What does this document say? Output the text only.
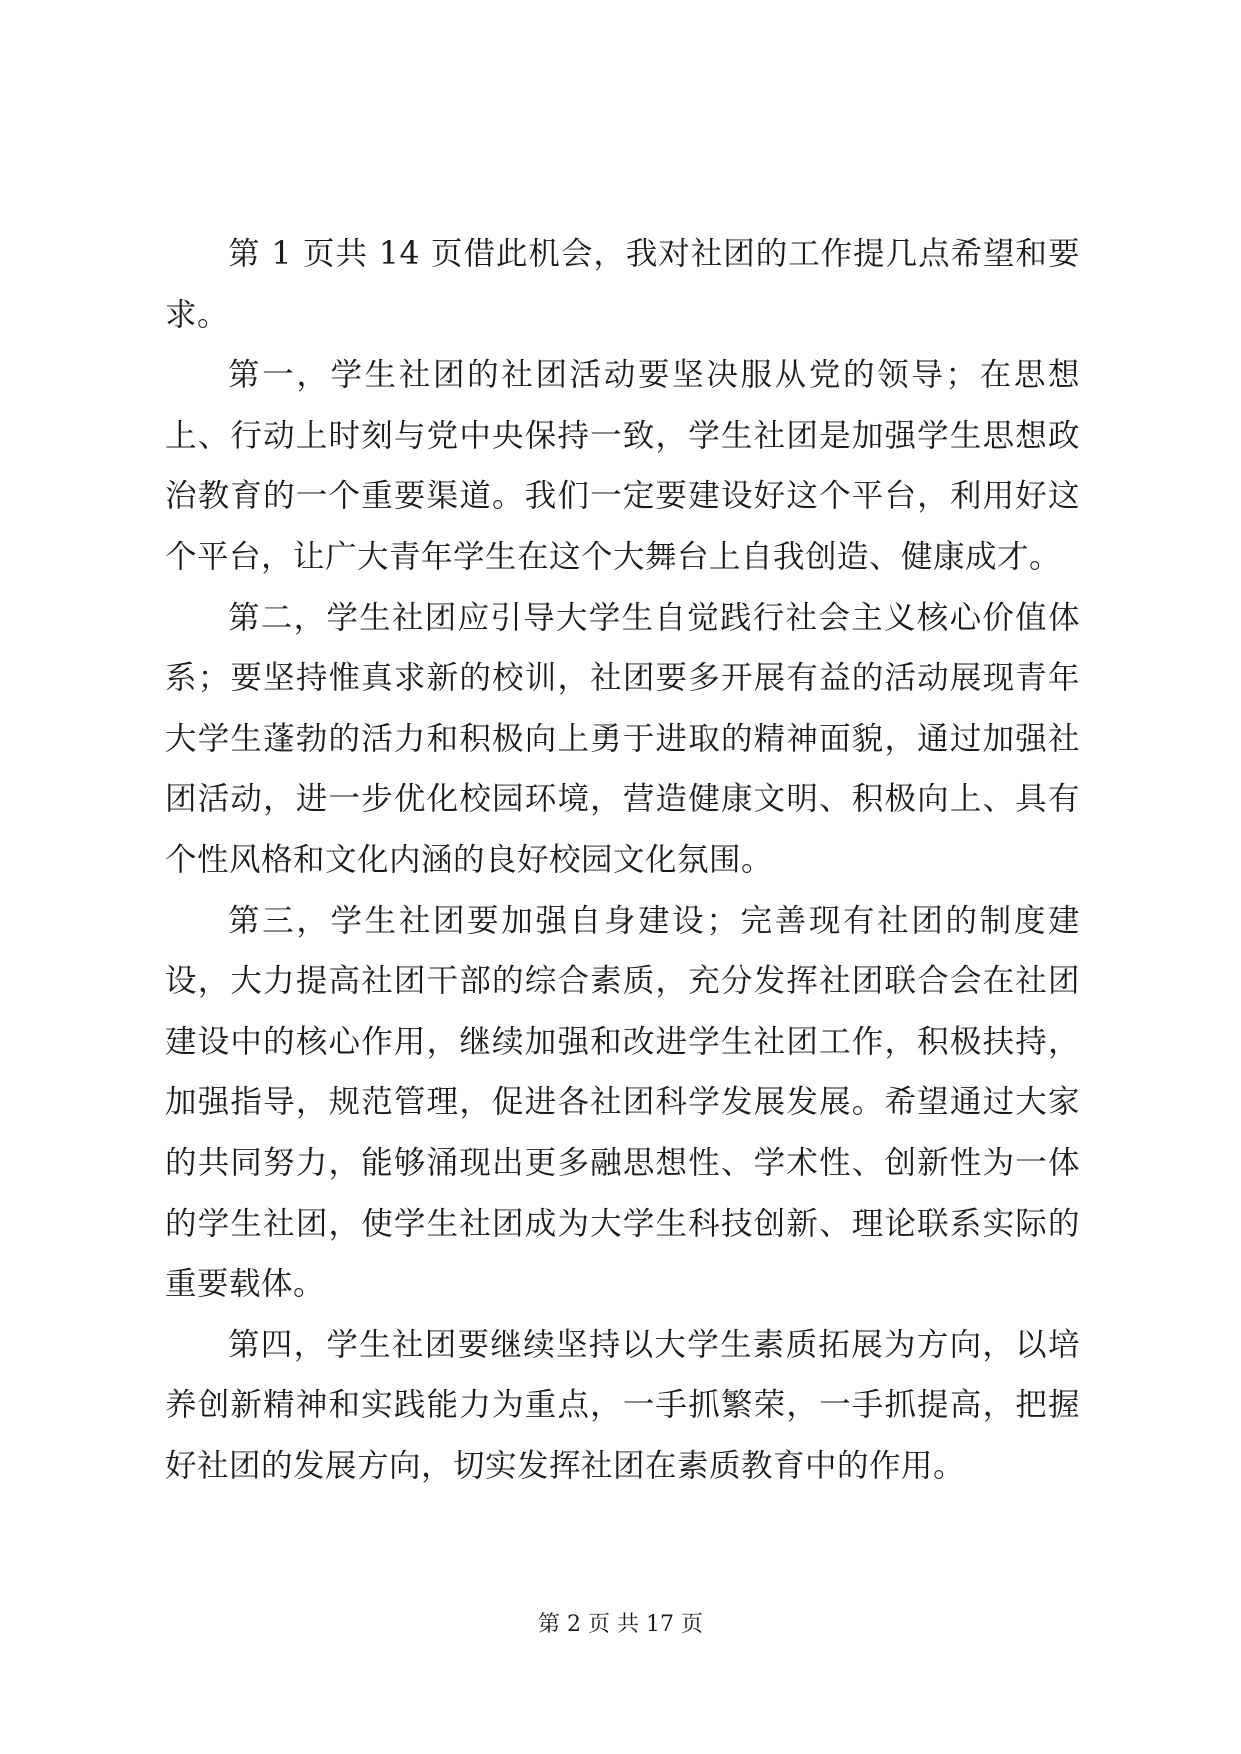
第 1 页共 14 页借此机会，我对社团的工作提几点希望和要求。

第一，学生社团的社团活动要坚决服从党的领导；在思想上、行动上时刻与党中央保持一致，学生社团是加强学生思想政治教育的一个重要渠道。我们一定要建设好这个平台，利用好这个平台，让广大青年学生在这个大舞台上自我创造、健康成才。

第二，学生社团应引导大学生自觉践行社会主义核心价值体系；要坚持惟真求新的校训，社团要多开展有益的活动展现青年大学生蓬勃的活力和积极向上勇于进取的精神面貌，通过加强社团活动，进一步优化校园环境，营造健康文明、积极向上、具有个性风格和文化内涵的良好校园文化氛围。

第三，学生社团要加强自身建设；完善现有社团的制度建设，大力提高社团干部的综合素质，充分发挥社团联合会在社团建设中的核心作用，继续加强和改进学生社团工作，积极扶持，加强指导，规范管理，促进各社团科学发展发展。希望通过大家的共同努力，能够涌现出更多融思想性、学术性、创新性为一体的学生社团，使学生社团成为大学生科技创新、理论联系实际的重要载体。

第四，学生社团要继续坚持以大学生素质拓展为方向，以培养创新精神和实践能力为重点，一手抓繁荣，一手抓提高，把握好社团的发展方向，切实发挥社团在素质教育中的作用。

第 2 页 共 17 页
